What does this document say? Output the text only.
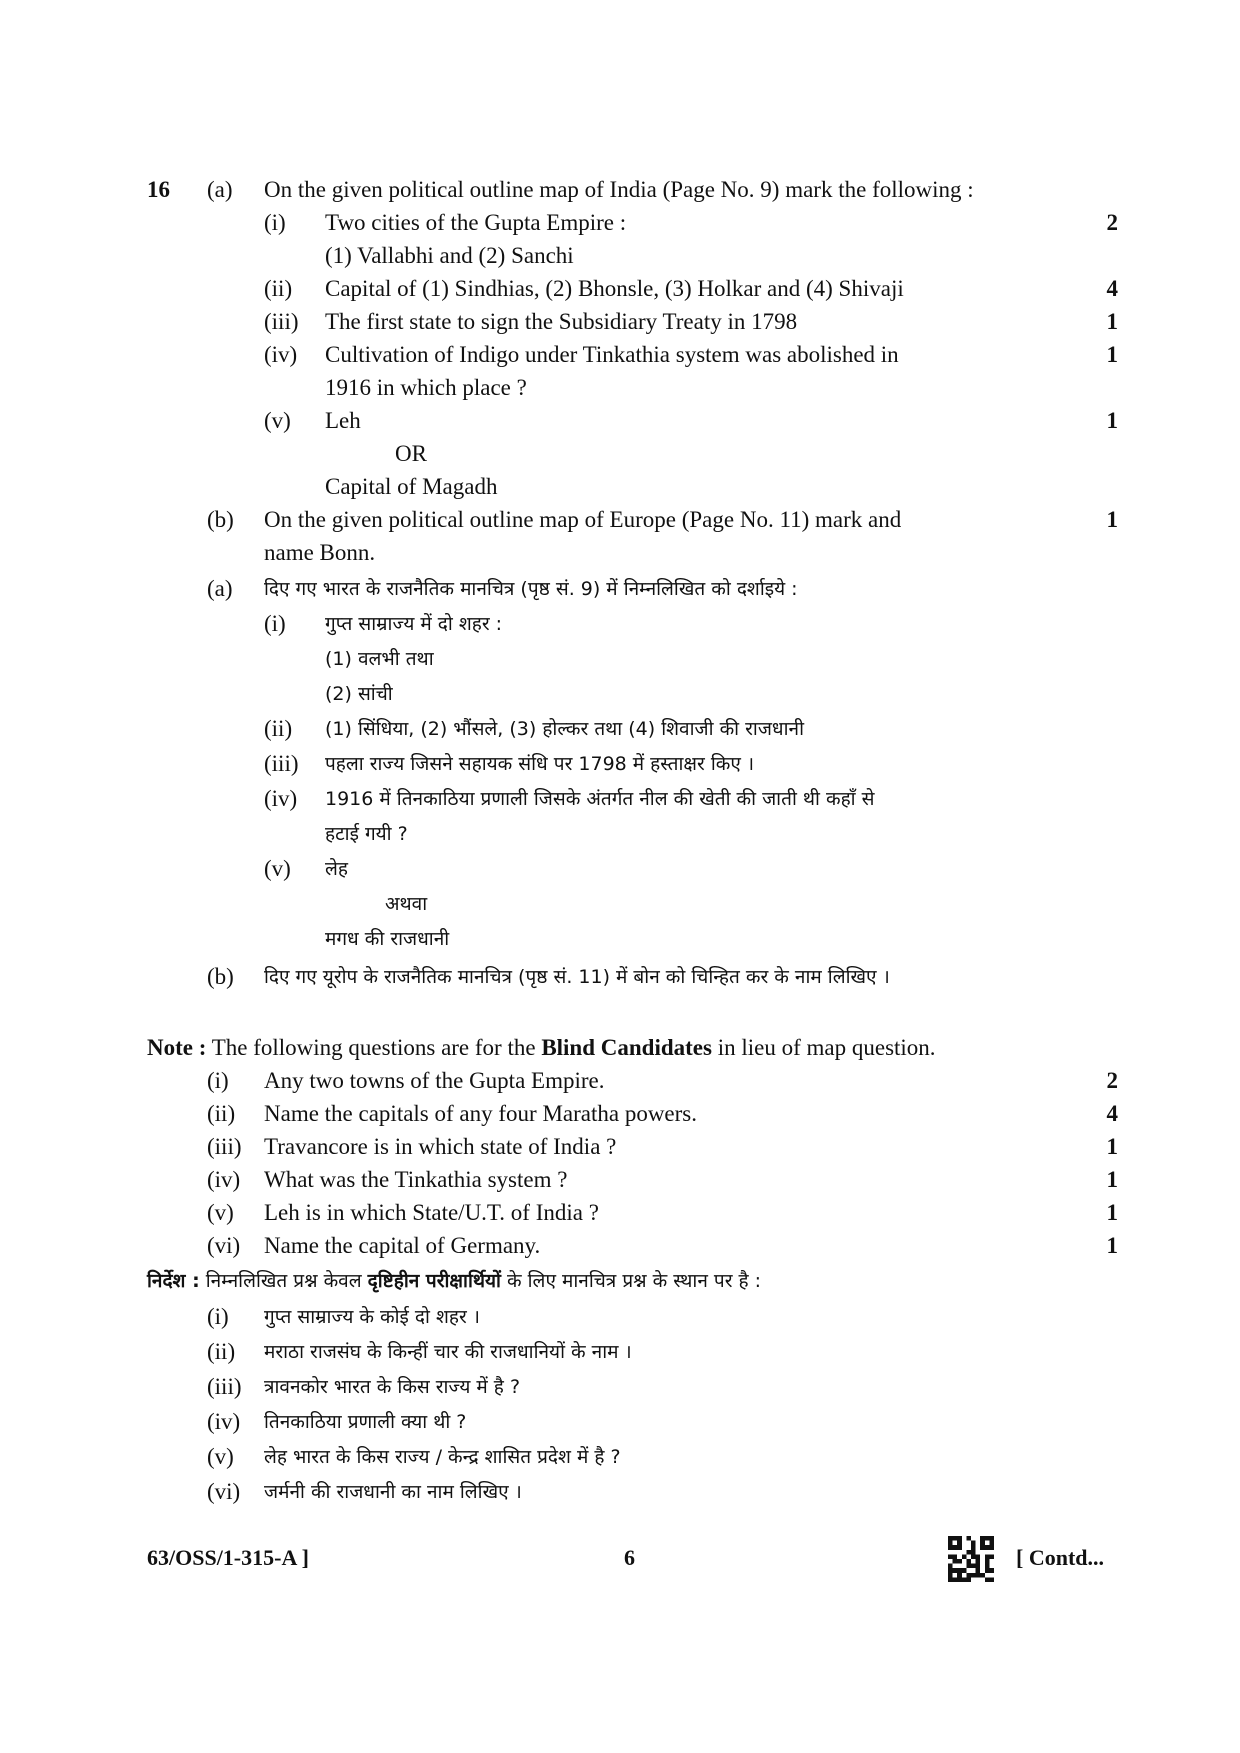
16 (a) On the given political outline map of India (Page No. 9) mark the following :
(i) Two cities of the Gupta Empire :	2
(1) Vallabhi and (2) Sanchi
(ii) Capital of (1) Sindhias, (2) Bhonsle, (3) Holkar and (4) Shivaji	4
(iii) The first state to sign the Subsidiary Treaty in 1798	1
(iv) Cultivation of Indigo under Tinkathia system was abolished in	1
1916 in which place ?
(v) Leh	1
OR
Capital of Magadh
(b) On the given political outline map of Europe (Page No. 11) mark and	1
name Bonn.
(a) दिए गए भारत के राजनैतिक मानचित्र (पृष्ठ सं. 9) में निम्नलिखित को दर्शाइये :
(i) गुप्त साम्राज्य में दो शहर :
(1) वलभी तथा
(2) सांची
(ii) (1) सिंधिया, (2) भौंसले, (3) होल्कर तथा (4) शिवाजी की राजधानी
(iii) पहला राज्य जिसने सहायक संधि पर 1798 में हस्ताक्षर किए ।
(iv) 1916 में तिनकाठिया प्रणाली जिसके अंतर्गत नील की खेती की जाती थी कहाँ से
हटाई गयी ?
(v) लेह
अथवा
मगध की राजधानी
(b) दिए गए यूरोप के राजनैतिक मानचित्र (पृष्ठ सं. 11) में बोन को चिन्हित कर के नाम लिखिए ।
Note : The following questions are for the Blind Candidates in lieu of map question.
(i) Any two towns of the Gupta Empire.	2
(ii) Name the capitals of any four Maratha powers.	4
(iii) Travancore is in which state of India ?	1
(iv) What was the Tinkathia system ?	1
(v) Leh is in which State/U.T. of India ?	1
(vi) Name the capital of Germany.	1
निर्देश : निम्नलिखित प्रश्न केवल दृष्टिहीन परीक्षार्थियों के लिए मानचित्र प्रश्न के स्थान पर है :
(i) गुप्त साम्राज्य के कोई दो शहर ।
(ii) मराठा राजसंघ के किन्हीं चार की राजधानियों के नाम ।
(iii) त्रावनकोर भारत के किस राज्य में है ?
(iv) तिनकाठिया प्रणाली क्या थी ?
(v) लेह भारत के किस राज्य / केन्द्र शासित प्रदेश में है ?
(vi) जर्मनी की राजधानी का नाम लिखिए ।
63/OSS/1-315-A ]	6	[ Contd...
